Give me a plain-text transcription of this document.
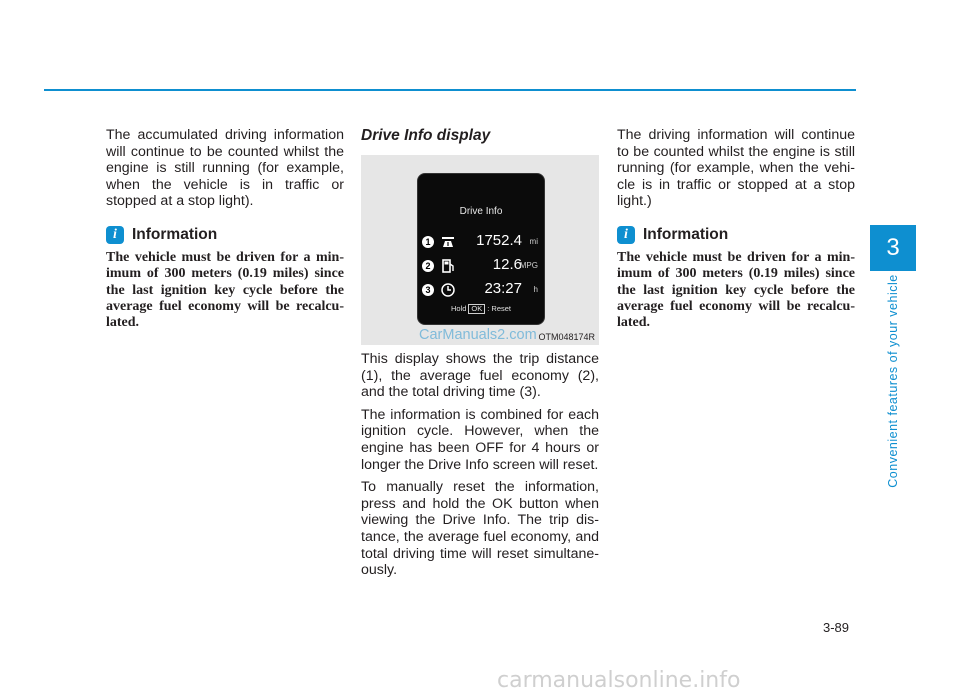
The accumulated driving information will continue to be counted whilst the engine is still running (for example, when the vehicle is in traffic or stopped at a stop light).

i Information

The vehicle must be driven for a min-imum of 300 meters (0.19 miles) since the last ignition key cycle before the average fuel economy will be recalcu-lated.

Drive Info display
Drive Info
1	1752.4 mi
2	12.6
MPG
3	23:27 h
Hold OK : Reset
OTM048174R
CarManuals2.com

This display shows the trip distance (1), the average fuel economy (2), and the total driving time (3).

The information is combined for each ignition cycle. However, when the engine has been OFF for 4 hours or longer the Drive Info screen will reset.

To manually reset the information, press and hold the OK button when viewing the Drive Info. The trip dis-tance, the average fuel economy, and total driving time will reset simultane-ously.

The driving information will continue to be counted whilst the engine is still running (for example, when the vehi-cle is in traffic or stopped at a stop light.)

i Information

The vehicle must be driven for a min-imum of 300 meters (0.19 miles) since the last ignition key cycle before the average fuel economy will be recalcu-lated.

3
Convenient features of your vehicle
3-89
carmanualsonline.info
